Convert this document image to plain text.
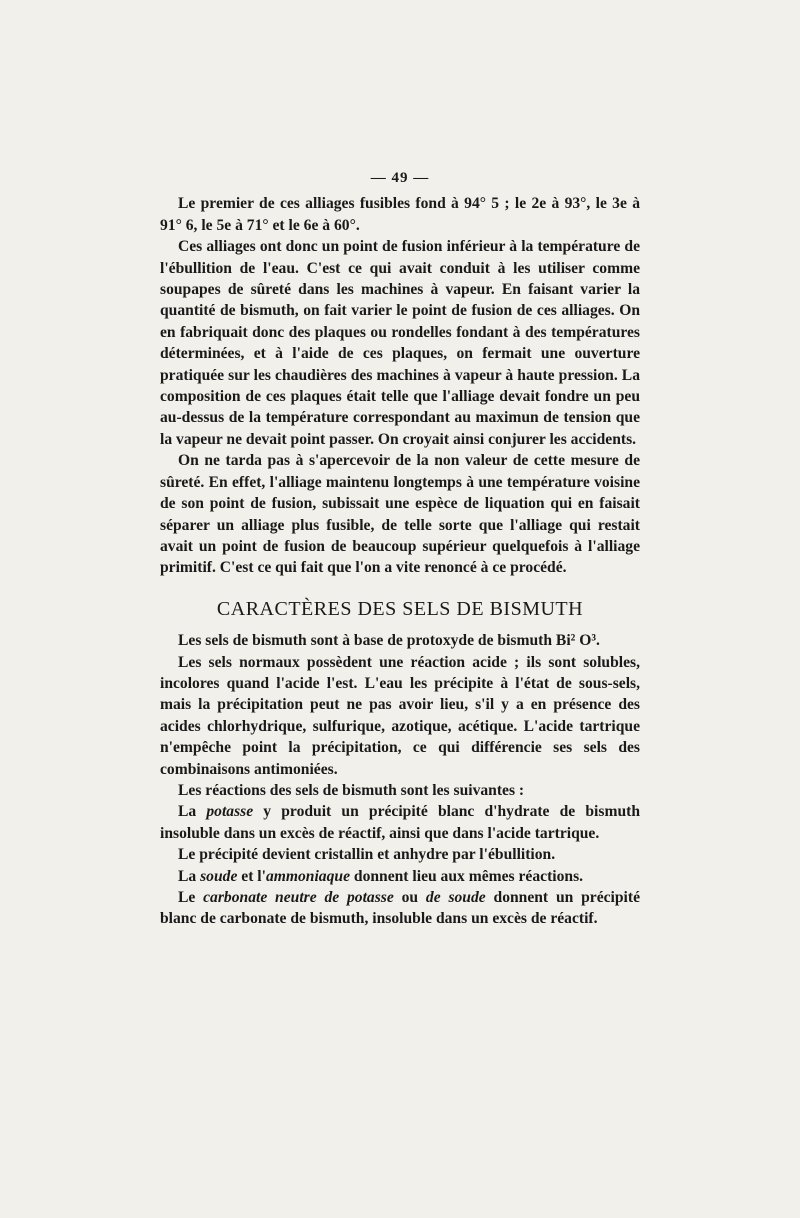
— 49 —

Le premier de ces alliages fusibles fond à 94° 5 ; le 2e à 93°, le 3e à 91° 6, le 5e à 71° et le 6e à 60°.

Ces alliages ont donc un point de fusion inférieur à la température de l'ébullition de l'eau. C'est ce qui avait conduit à les utiliser comme soupapes de sûreté dans les machines à vapeur. En faisant varier la quantité de bismuth, on fait varier le point de fusion de ces alliages. On en fabriquait donc des plaques ou rondelles fondant à des températures déterminées, et à l'aide de ces plaques, on fermait une ouverture pratiquée sur les chaudières des machines à vapeur à haute pression. La composition de ces plaques était telle que l'alliage devait fondre un peu au-dessus de la température correspondant au maximun de tension que la vapeur ne devait point passer. On croyait ainsi conjurer les accidents.

On ne tarda pas à s'apercevoir de la non valeur de cette mesure de sûreté. En effet, l'alliage maintenu longtemps à une température voisine de son point de fusion, subissait une espèce de liquation qui en faisait séparer un alliage plus fusible, de telle sorte que l'alliage qui restait avait un point de fusion de beaucoup supérieur quelquefois à l'alliage primitif. C'est ce qui fait que l'on a vite renoncé à ce procédé.

CARACTÈRES DES SELS DE BISMUTH

Les sels de bismuth sont à base de protoxyde de bismuth Bi² O³.

Les sels normaux possèdent une réaction acide ; ils sont solubles, incolores quand l'acide l'est. L'eau les précipite à l'état de sous-sels, mais la précipitation peut ne pas avoir lieu, s'il y a en présence des acides chlorhydrique, sulfurique, azotique, acétique. L'acide tartrique n'empêche point la précipitation, ce qui différencie ses sels des combinaisons antimoniées.

Les réactions des sels de bismuth sont les suivantes :

La potasse y produit un précipité blanc d'hydrate de bismuth insoluble dans un excès de réactif, ainsi que dans l'acide tartrique.

Le précipité devient cristallin et anhydre par l'ébullition.

La soude et l'ammoniaque donnent lieu aux mêmes réactions.

Le carbonate neutre de potasse ou de soude donnent un précipité blanc de carbonate de bismuth, insoluble dans un excès de réactif.
